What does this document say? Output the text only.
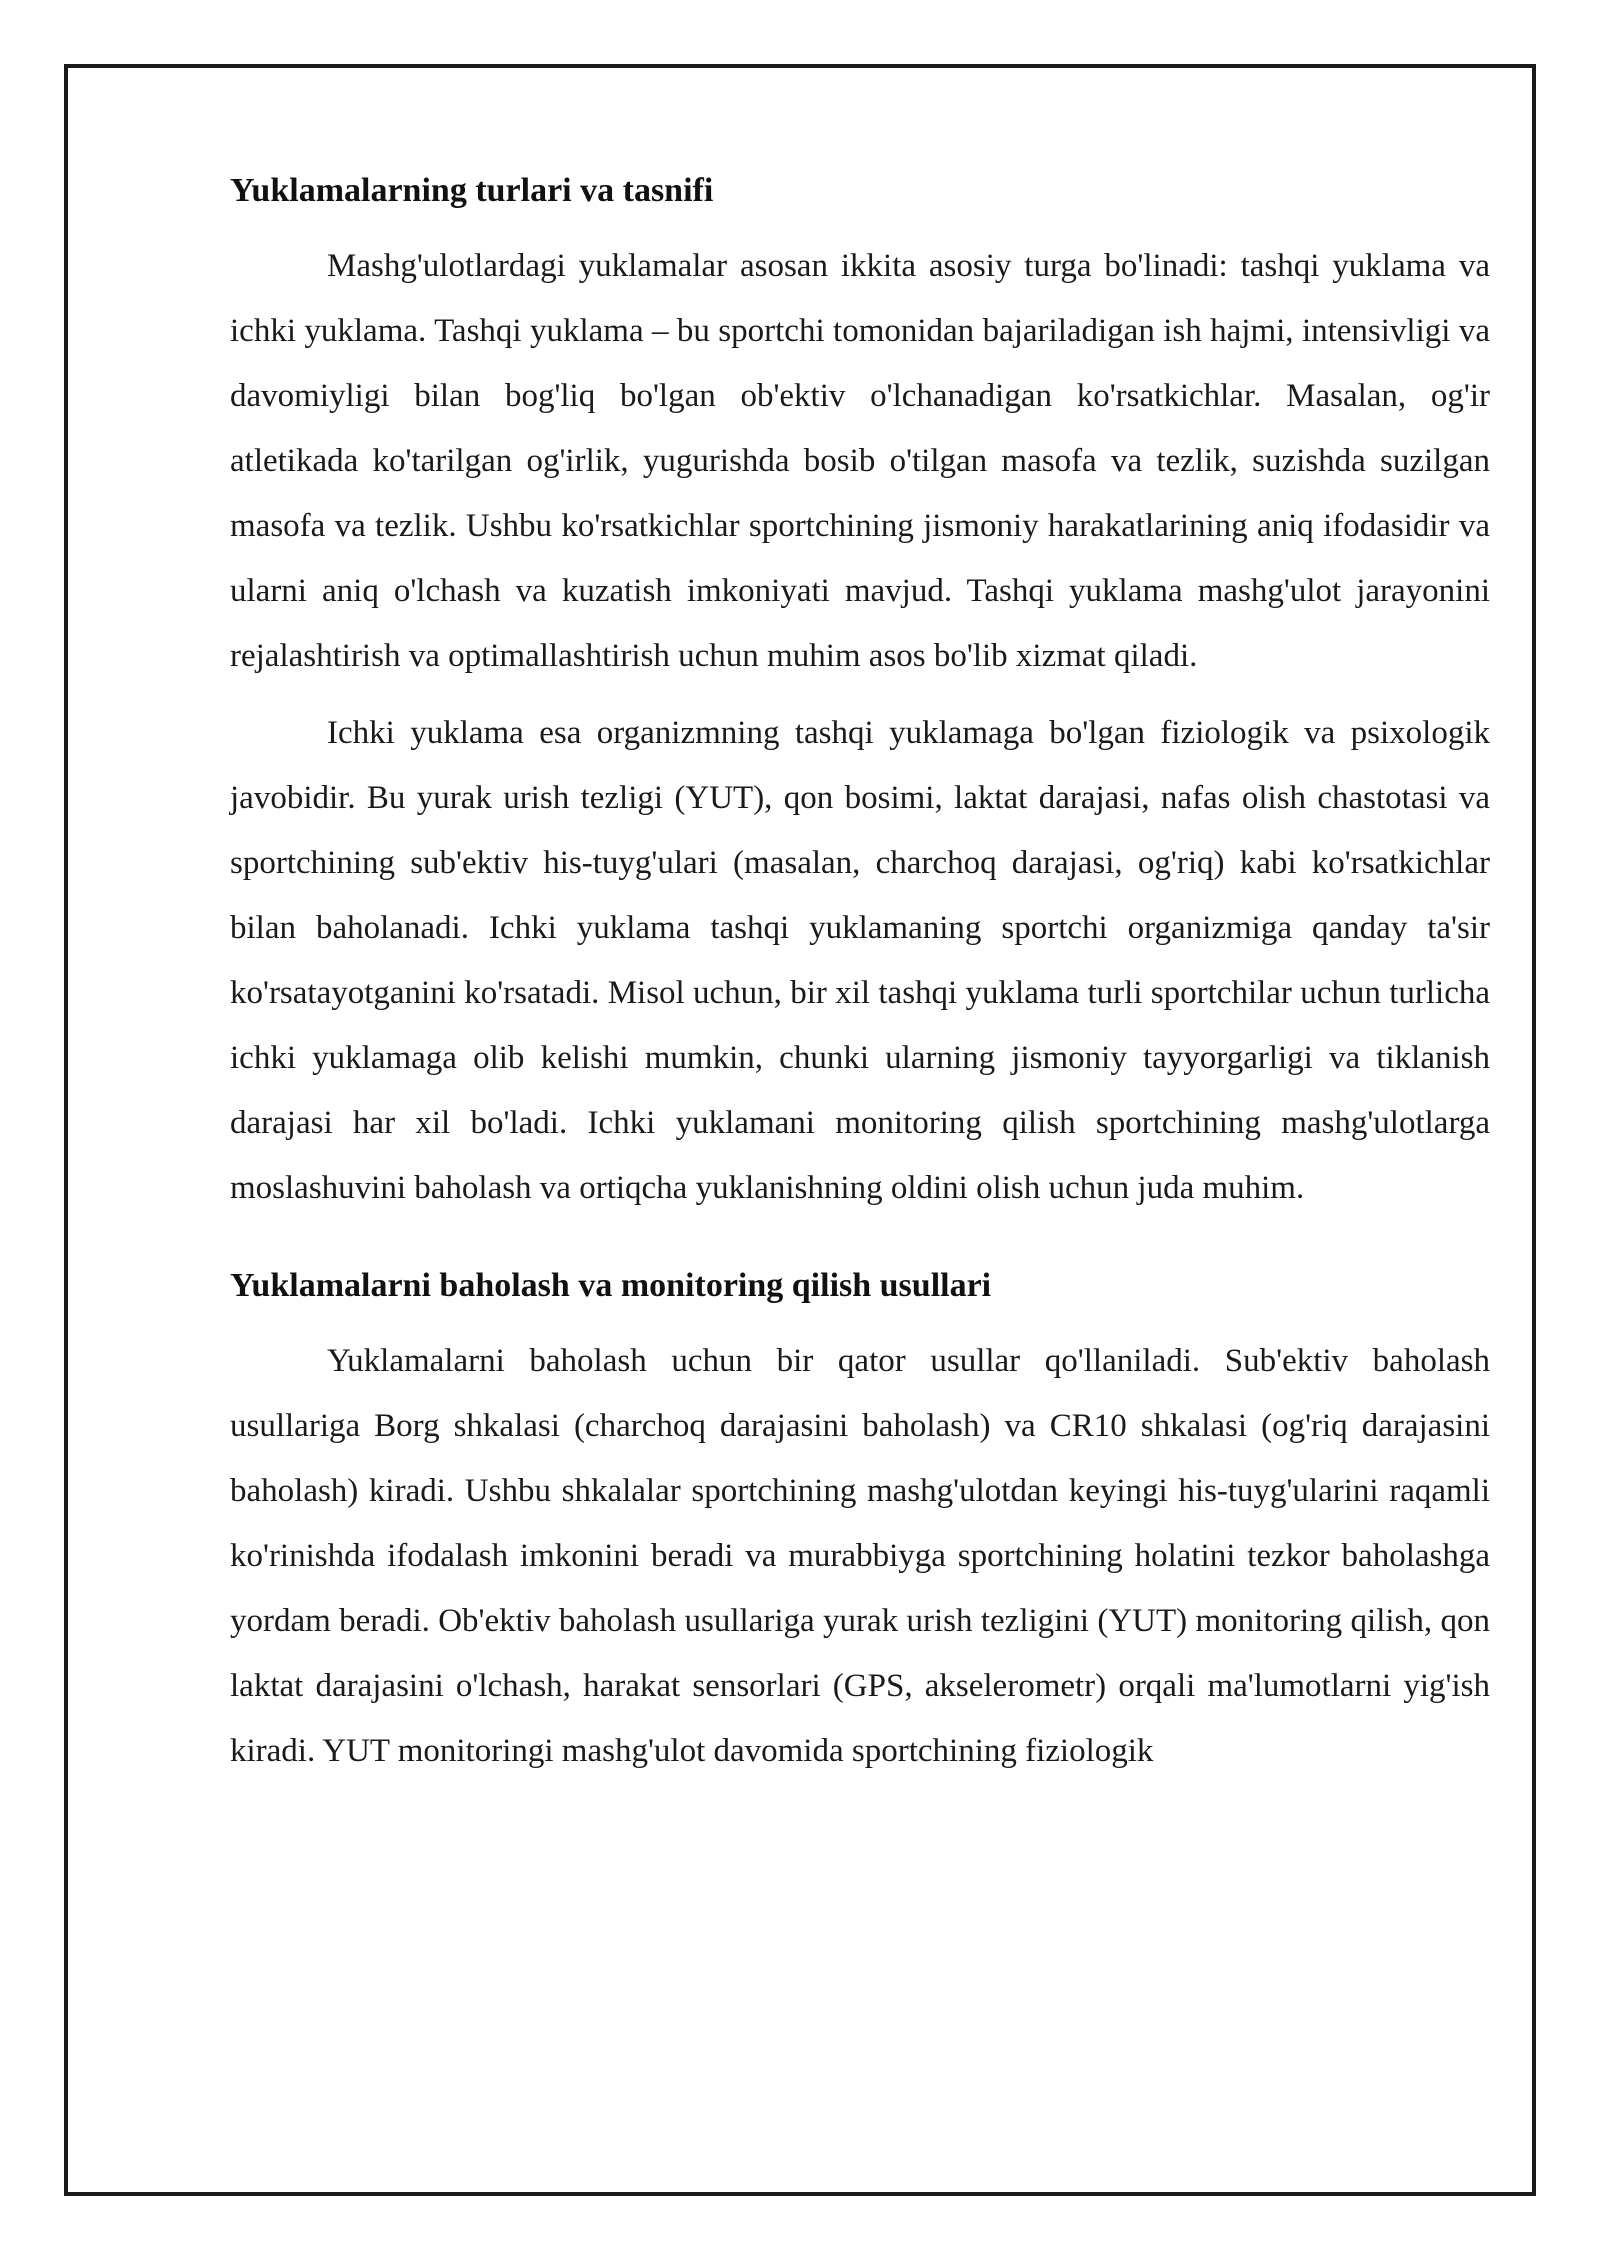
Yuklamalarning turlari va tasnifi

Mashg'ulotlardagi yuklamalar asosan ikkita asosiy turga bo'linadi: tashqi yuklama va ichki yuklama. Tashqi yuklama – bu sportchi tomonidan bajariladigan ish hajmi, intensivligi va davomiyligi bilan bog'liq bo'lgan ob'ektiv o'lchanadigan ko'rsatkichlar. Masalan, og'ir atletikada ko'tarilgan og'irlik, yugurishda bosib o'tilgan masofa va tezlik, suzishda suzilgan masofa va tezlik. Ushbu ko'rsatkichlar sportchining jismoniy harakatlarining aniq ifodasidir va ularni aniq o'lchash va kuzatish imkoniyati mavjud. Tashqi yuklama mashg'ulot jarayonini rejalashtirish va optimallashtirish uchun muhim asos bo'lib xizmat qiladi.

Ichki yuklama esa organizmning tashqi yuklamaga bo'lgan fiziologik va psixologik javobidir. Bu yurak urish tezligi (YUT), qon bosimi, laktat darajasi, nafas olish chastotasi va sportchining sub'ektiv his-tuyg'ulari (masalan, charchoq darajasi, og'riq) kabi ko'rsatkichlar bilan baholanadi. Ichki yuklama tashqi yuklamaning sportchi organizmiga qanday ta'sir ko'rsatayotganini ko'rsatadi. Misol uchun, bir xil tashqi yuklama turli sportchilar uchun turlicha ichki yuklamaga olib kelishi mumkin, chunki ularning jismoniy tayyorgarligi va tiklanish darajasi har xil bo'ladi. Ichki yuklamani monitoring qilish sportchining mashg'ulotlarga moslashuvini baholash va ortiqcha yuklanishning oldini olish uchun juda muhim.

Yuklamalarni baholash va monitoring qilish usullari

Yuklamalarni baholash uchun bir qator usullar qo'llaniladi. Sub'ektiv baholash usullariga Borg shkalasi (charchoq darajasini baholash) va CR10 shkalasi (og'riq darajasini baholash) kiradi. Ushbu shkalalar sportchining mashg'ulotdan keyingi his-tuyg'ularini raqamli ko'rinishda ifodalash imkonini beradi va murabbiyga sportchining holatini tezkor baholashga yordam beradi. Ob'ektiv baholash usullariga yurak urish tezligini (YUT) monitoring qilish, qon laktat darajasini o'lchash, harakat sensorlari (GPS, akselerometr) orqali ma'lumotlarni yig'ish kiradi. YUT monitoringi mashg'ulot davomida sportchining fiziologik
